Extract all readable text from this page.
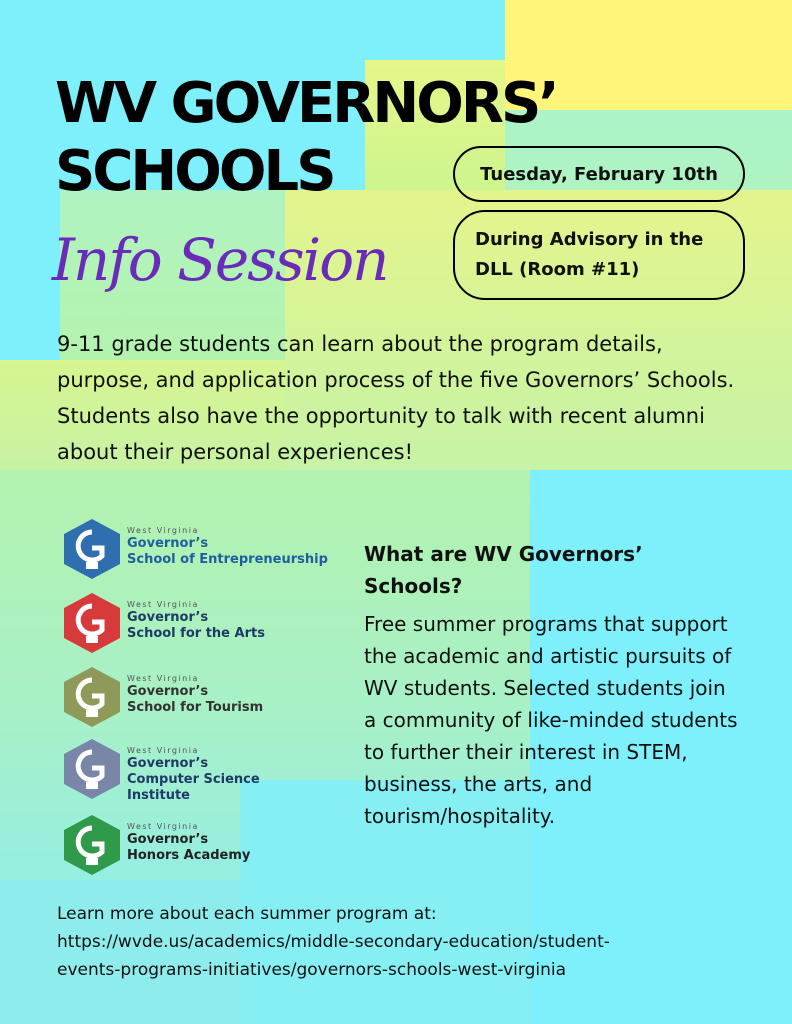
WV GOVERNORS’
SCHOOLS
Info Session
Tuesday, February 10th
During Advisory in the
DLL (Room #11)

9-11 grade students can learn about the program details, purpose, and application process of the five Governors’ Schools. Students also have the opportunity to talk with recent alumni about their personal experiences!

West Virginia
Governor’s
School of Entrepreneurship
West Virginia
Governor’s
School for the Arts
West Virginia
Governor’s
School for Tourism
West Virginia
Governor’s
Computer Science
Institute
West Virginia
Governor’s
Honors Academy
What are WV Governors’ Schools?

Free summer programs that support the academic and artistic pursuits of WV students. Selected students join a community of like-minded students to further their interest in STEM, business, the arts, and tourism/hospitality.

Learn more about each summer program at:
https://wvde.us/academics/middle-secondary-education/student-
events-programs-initiatives/governors-schools-west-virginia
